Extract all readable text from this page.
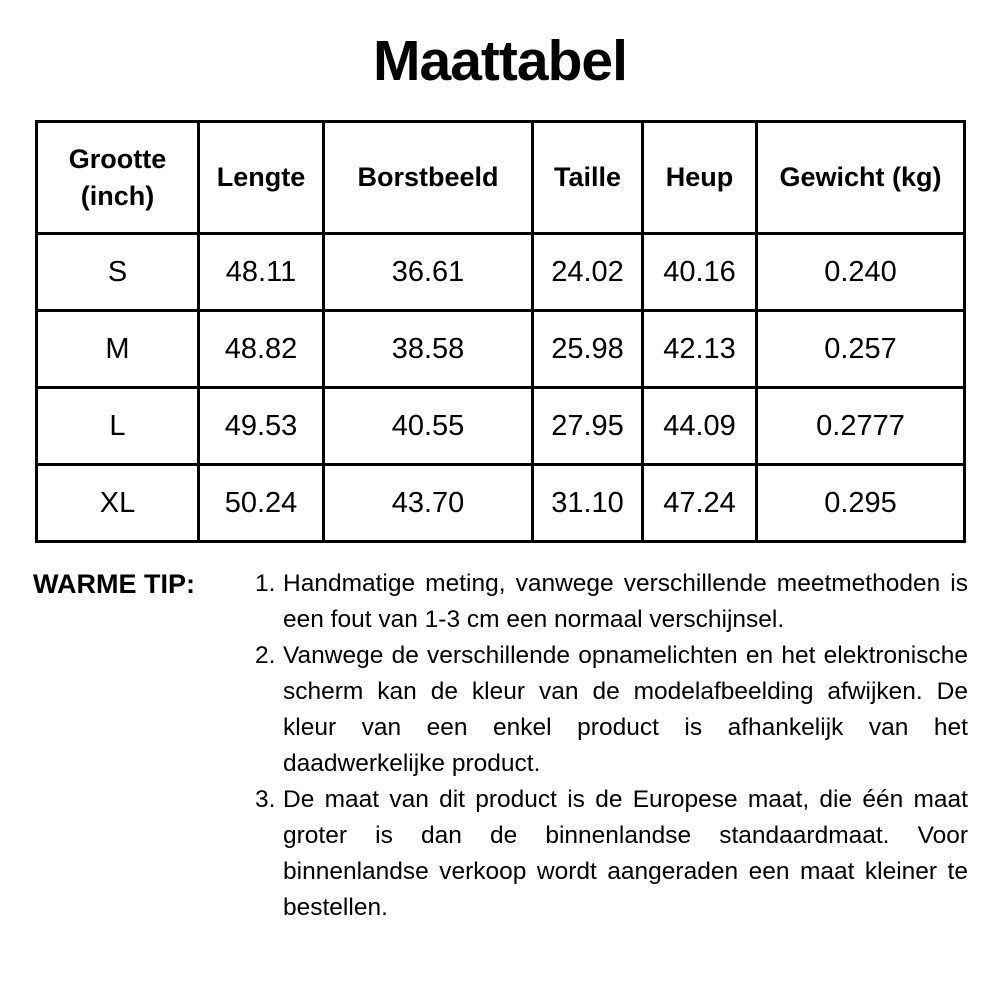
Maattabel
Grootte (inch)	Lengte	Borstbeeld	Taille	Heup	Gewicht (kg)
S	48.11	36.61	24.02	40.16	0.240
M	48.82	38.58	25.98	42.13	0.257
L	49.53	40.55	27.95	44.09	0.2777
XL	50.24	43.70	31.10	47.24	0.295
WARME TIP:	Handmatige meting, vanwege verschillende meetmethoden is een fout van 1-3 cm een normaal verschijnsel.
Vanwege de verschillende opnamelichten en het elektronische scherm kan de kleur van de modelafbeelding afwijken. De kleur van een enkel product is afhankelijk van het daadwerkelijke product.
De maat van dit product is de Europese maat, die één maat groter is dan de binnenlandse standaardmaat. Voor binnenlandse verkoop wordt aangeraden een maat kleiner te bestellen.
